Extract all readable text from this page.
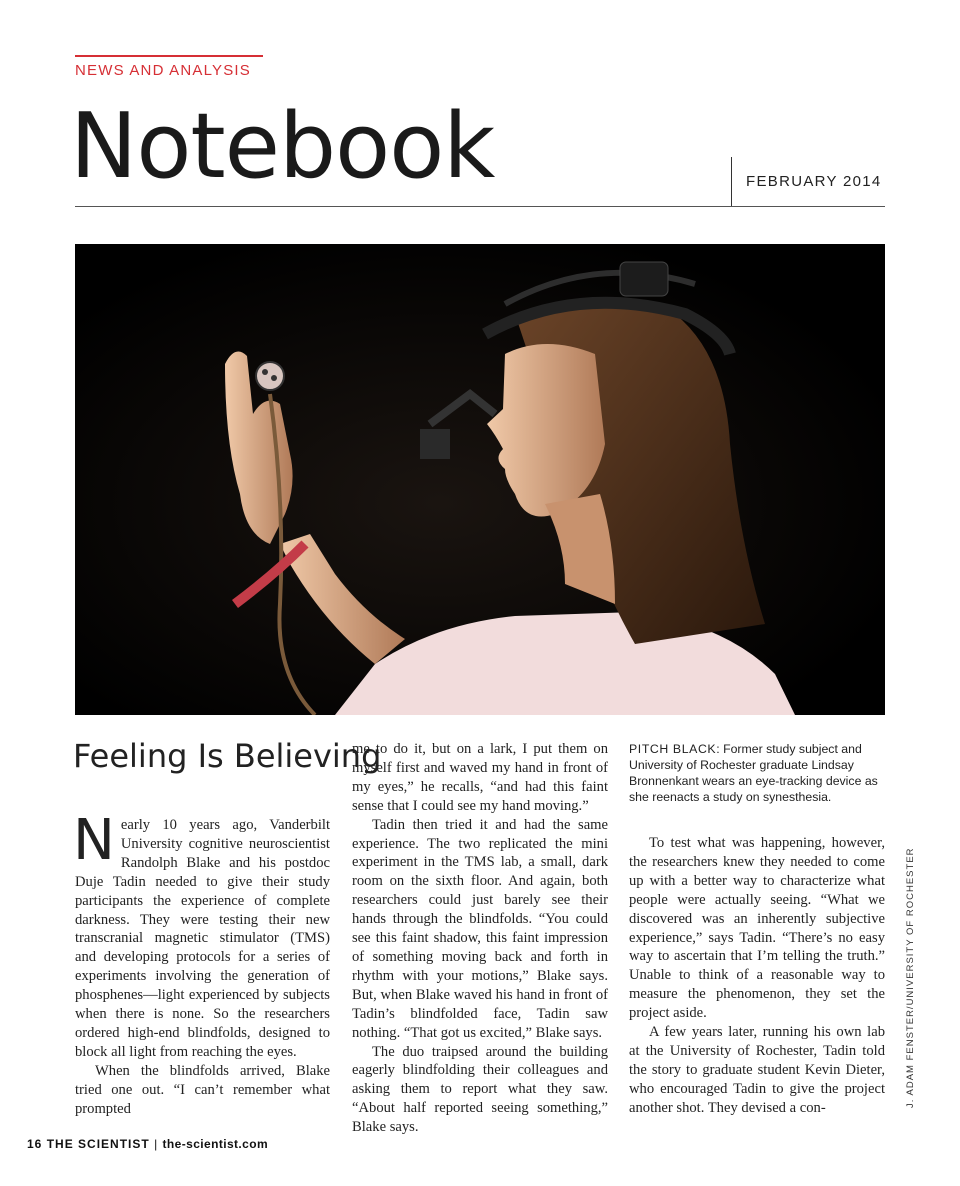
NEWS AND ANALYSIS
Notebook	FEBRUARY 2014
Feeling Is Believing

Nearly 10 years ago, Vanderbilt University cognitive neuroscientist Randolph Blake and his postdoc Duje Tadin needed to give their study participants the experience of complete darkness. They were testing their new transcranial magnetic stimulator (TMS) and developing protocols for a series of experiments involving the generation of phosphenes—light experienced by subjects when there is none. So the researchers ordered high-end blindfolds, designed to block all light from reaching the eyes.

When the blindfolds arrived, Blake tried one out. “I can’t remember what prompted

me to do it, but on a lark, I put them on myself first and waved my hand in front of my eyes,” he recalls, “and had this faint sense that I could see my hand moving.”

Tadin then tried it and had the same experience. The two replicated the mini experiment in the TMS lab, a small, dark room on the sixth floor. And again, both researchers could just barely see their hands through the blindfolds. “You could see this faint shadow, this faint impression of something moving back and forth in rhythm with your motions,” Blake says. But, when Blake waved his hand in front of Tadin’s blindfolded face, Tadin saw nothing. “That got us excited,” Blake says.

The duo traipsed around the building eagerly blindfolding their colleagues and asking them to report what they saw. “About half reported seeing something,” Blake says.

PITCH BLACK: Former study subject and University of Rochester graduate Lindsay Bronnenkant wears an eye-tracking device as she reenacts a study on synesthesia.

To test what was happening, however, the researchers knew they needed to come up with a better way to characterize what people were actually seeing. “What we discovered was an inherently subjective experience,” says Tadin. “There’s no easy way to ascertain that I’m telling the truth.” Unable to think of a reasonable way to measure the phenomenon, they set the project aside.

A few years later, running his own lab at the University of Rochester, Tadin told the story to graduate student Kevin Dieter, who encouraged Tadin to give the project another shot. They devised a con-	J. ADAM FENSTER/UNIVERSITY OF ROCHESTER
16 THE SCIENTIST | the-scientist.com
